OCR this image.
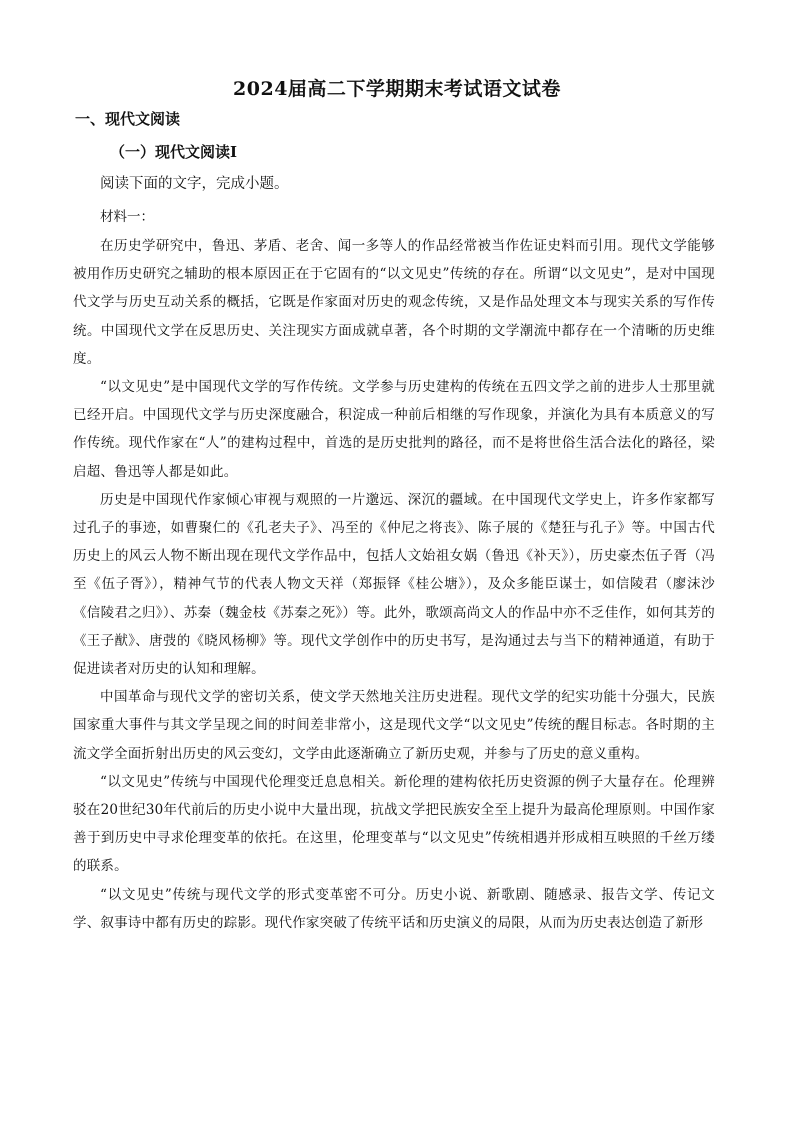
2024届高二下学期期末考试语文试卷
一、现代文阅读
（一）现代文阅读Ⅰ
阅读下面的文字，完成小题。
材料一：

在历史学研究中，鲁迅、茅盾、老舍、闻一多等人的作品经常被当作佐证史料而引用。现代文学能够被用作历史研究之辅助的根本原因正在于它固有的“以文见史”传统的存在。所谓“以文见史”，是对中国现代文学与历史互动关系的概括，它既是作家面对历史的观念传统，又是作品处理文本与现实关系的写作传统。中国现代文学在反思历史、关注现实方面成就卓著，各个时期的文学潮流中都存在一个清晰的历史维度。

“以文见史”是中国现代文学的写作传统。文学参与历史建构的传统在五四文学之前的进步人士那里就已经开启。中国现代文学与历史深度融合，积淀成一种前后相继的写作现象，并演化为具有本质意义的写作传统。现代作家在“人”的建构过程中，首选的是历史批判的路径，而不是将世俗生活合法化的路径，梁启超、鲁迅等人都是如此。

历史是中国现代作家倾心审视与观照的一片邈远、深沉的疆域。在中国现代文学史上，许多作家都写过孔子的事迹，如曹聚仁的《孔老夫子》、冯至的《仲尼之将丧》、陈子展的《楚狂与孔子》等。中国古代历史上的风云人物不断出现在现代文学作品中，包括人文始祖女娲（鲁迅《补天》），历史豪杰伍子胥（冯至《伍子胥》），精神气节的代表人物文天祥（郑振铎《桂公塘》），及众多能臣谋士，如信陵君（廖沫沙《信陵君之归》）、苏秦（魏金枝《苏秦之死》）等。此外，歌颂高尚文人的作品中亦不乏佳作，如何其芳的《王子猷》、唐弢的《晓风杨柳》等。现代文学创作中的历史书写，是沟通过去与当下的精神通道，有助于促进读者对历史的认知和理解。

中国革命与现代文学的密切关系，使文学天然地关注历史进程。现代文学的纪实功能十分强大，民族国家重大事件与其文学呈现之间的时间差非常小，这是现代文学“以文见史”传统的醒目标志。各时期的主流文学全面折射出历史的风云变幻，文学由此逐渐确立了新历史观，并参与了历史的意义重构。

“以文见史”传统与中国现代伦理变迁息息相关。新伦理的建构依托历史资源的例子大量存在。伦理辨驳在20世纪30年代前后的历史小说中大量出现，抗战文学把民族安全至上提升为最高伦理原则。中国作家善于到历史中寻求伦理变革的依托。在这里，伦理变革与“以文见史”传统相遇并形成相互映照的千丝万缕的联系。

“以文见史”传统与现代文学的形式变革密不可分。历史小说、新歌剧、随感录、报告文学、传记文学、叙事诗中都有历史的踪影。现代作家突破了传统平话和历史演义的局限，从而为历史表达创造了新形
